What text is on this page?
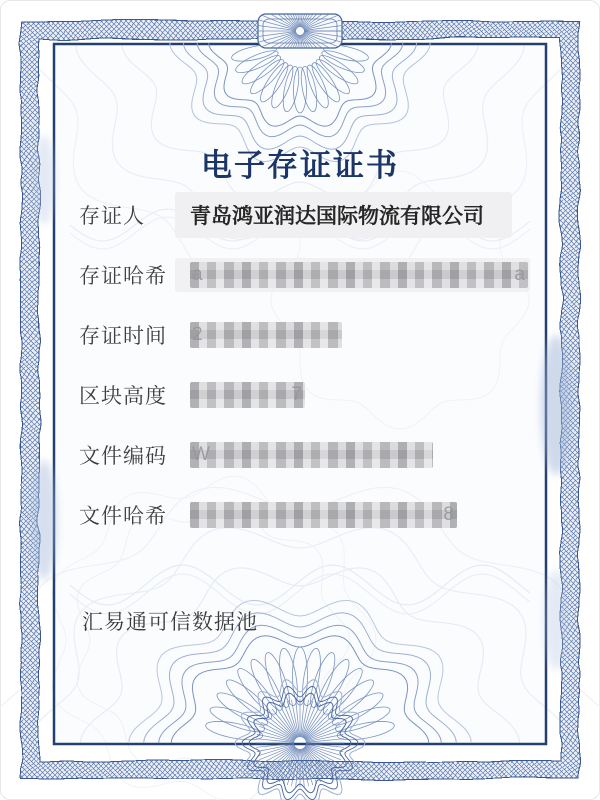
电子存证证书
存证人	青岛鸿亚润达国际物流有限公司
存证哈希	a	a
存证时间	2
区块高度	7
文件编码	W
文件哈希	8
汇易通可信数据池
